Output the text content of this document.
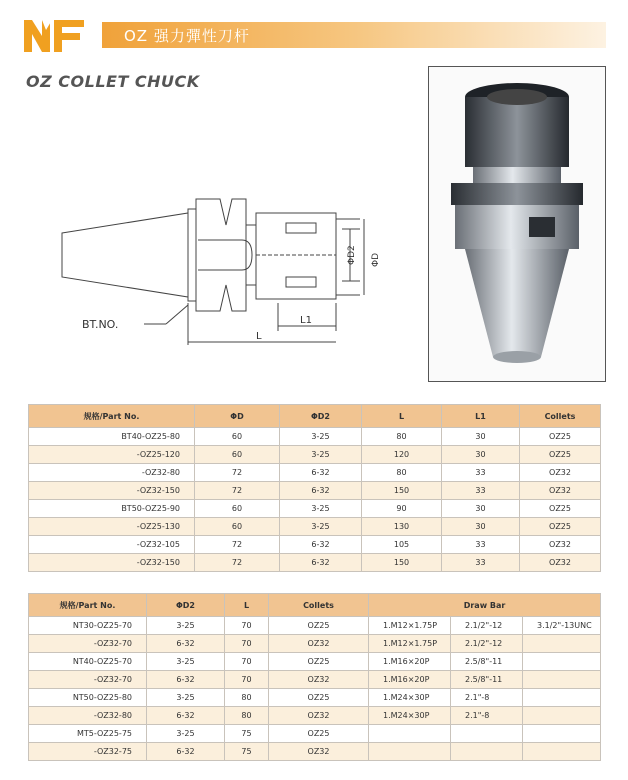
OZ 强力彈性刀杆
OZ COLLET CHUCK
ΦD2 ΦD
L1
L
BT.NO.
规格/Part No.	ΦD	ΦD2	L	L1	Collets
BT40-OZ25-80	60	3-25	80	30	OZ25
-OZ25-120	60	3-25	120	30	OZ25
-OZ32-80	72	6-32	80	33	OZ32
-OZ32-150	72	6-32	150	33	OZ32
BT50-OZ25-90	60	3-25	90	30	OZ25
-OZ25-130	60	3-25	130	30	OZ25
-OZ32-105	72	6-32	105	33	OZ32
-OZ32-150	72	6-32	150	33	OZ32
规格/Part No.	ΦD2	L	Collets	Draw Bar		
NT30-OZ25-70	3-25	70	OZ25	1.M12×1.75P	2.1/2"-12	3.1/2"-13UNC
-OZ32-70	6-32	70	OZ32	1.M12×1.75P	2.1/2"-12	
NT40-OZ25-70	3-25	70	OZ25	1.M16×20P	2.5/8"-11	
-OZ32-70	6-32	70	OZ32	1.M16×20P	2.5/8"-11	
NT50-OZ25-80	3-25	80	OZ25	1.M24×30P	2.1"-8	
-OZ32-80	6-32	80	OZ32	1.M24×30P	2.1"-8	
MT5-OZ25-75	3-25	75	OZ25			
-OZ32-75	6-32	75	OZ32			
